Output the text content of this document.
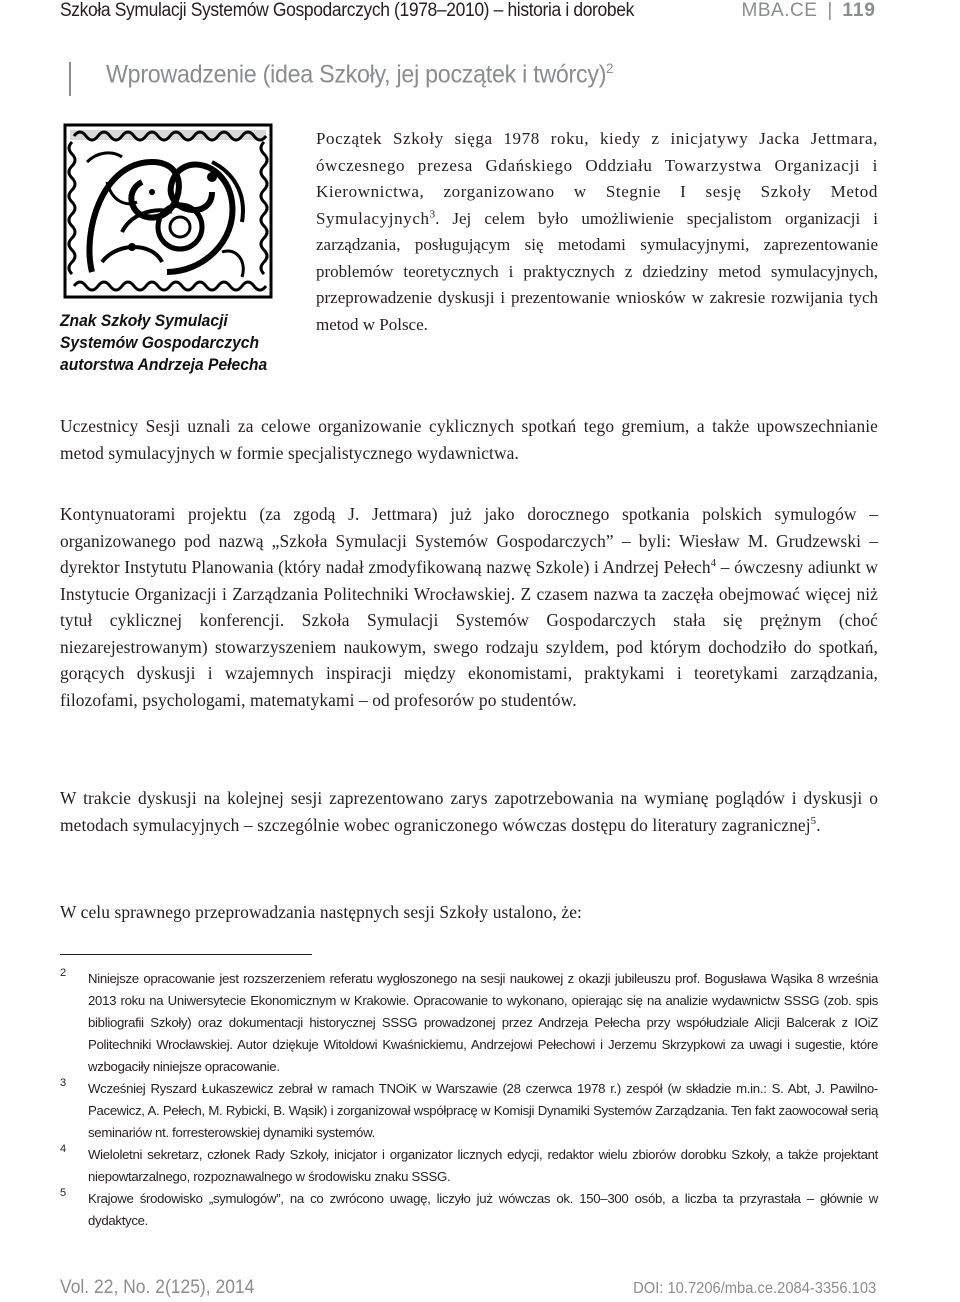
Szkoła Symulacji Systemów Gospodarczych (1978–2010) – historia i dorobek	MBA.CE | 119
Wprowadzenie (idea Szkoły, jej początek i twórcy)$^2$
Znak Szkoły Symulacji
Systemów Gospodarczych
autorstwa Andrzeja Pełecha
Początek Szkoły sięga 1978 roku, kiedy z inicjatywy Jacka Jettmara, ówczesnego prezesa Gdańskiego Oddziału Towarzystwa Organizacji i Kierownictwa, zorganizowano w Stegnie I sesję Szkoły Metod Symulacyjnych$^3$. Jej celem było umożliwienie specjalistom organizacji i zarządzania, posługującym się metodami symulacyjnymi, zaprezentowanie problemów teoretycznych i praktycznych z dziedziny metod symulacyjnych, przeprowadzenie dyskusji i prezentowanie wniosków w zakresie rozwijania tych metod w Polsce.
Uczestnicy Sesji uznali za celowe organizowanie cyklicznych spotkań tego gremium, a także upowszechnianie metod symulacyjnych w formie specjalistycznego wydawnictwa.
Kontynuatorami projektu (za zgodą J. Jettmara) już jako dorocznego spotkania polskich symulogów – organizowanego pod nazwą „Szkoła Symulacji Systemów Gospodarczych” – byli: Wiesław M. Grudzewski – dyrektor Instytutu Planowania (który nadał zmodyfikowaną nazwę Szkole) i Andrzej Pełech$^4$ – ówczesny adiunkt w Instytucie Organizacji i Zarządzania Politechniki Wrocławskiej. Z czasem nazwa ta zaczęła obejmować więcej niż tytuł cyklicznej konferencji. Szkoła Symulacji Systemów Gospodarczych stała się prężnym (choć niezarejestrowanym) stowarzyszeniem naukowym, swego rodzaju szyldem, pod którym dochodziło do spotkań, gorących dyskusji i wzajemnych inspiracji między ekonomistami, praktykami i teoretykami zarządzania, filozofami, psychologami, matematykami – od profesorów po studentów.
W trakcie dyskusji na kolejnej sesji zaprezentowano zarys zapotrzebowania na wymianę poglądów i dyskusji o metodach symulacyjnych – szczególnie wobec ograniczonego wówczas dostępu do literatury zagranicznej$^5$.
W celu sprawnego przeprowadzania następnych sesji Szkoły ustalono, że:
2 Niniejsze opracowanie jest rozszerzeniem referatu wygłoszonego na sesji naukowej z okazji jubileuszu prof. Bogusława Wąsika 8 września 2013 roku na Uniwersytecie Ekonomicznym w Krakowie. Opracowanie to wykonano, opierając się na analizie wydawnictw SSSG (zob. spis bibliografii Szkoły) oraz dokumentacji historycznej SSSG prowadzonej przez Andrzeja Pełecha przy współudziale Alicji Balcerak z IOiZ Politechniki Wrocławskiej. Autor dziękuje Witoldowi Kwaśnickiemu, Andrzejowi Pełechowi i Jerzemu Skrzypkowi za uwagi i sugestie, które wzbogaciły niniejsze opracowanie.
3 Wcześniej Ryszard Łukaszewicz zebrał w ramach TNOiK w Warszawie (28 czerwca 1978 r.) zespół (w składzie m.in.: S. Abt, J. Pawilno-Pacewicz, A. Pełech, M. Rybicki, B. Wąsik) i zorganizował współpracę w Komisji Dynamiki Systemów Zarządzania. Ten fakt zaowocował serią seminariów nt. forresterowskiej dynamiki systemów.
4 Wieloletni sekretarz, członek Rady Szkoły, inicjator i organizator licznych edycji, redaktor wielu zbiorów dorobku Szkoły, a także projektant niepowtarzalnego, rozpoznawalnego w środowisku znaku SSSG.
5 Krajowe środowisko „symulogów”, na co zwrócono uwagę, liczyło już wówczas ok. 150–300 osób, a liczba ta przyrastała – głównie w dydaktyce.
Vol. 22, No. 2(125), 2014	DOI: 10.7206/mba.ce.2084-3356.103
